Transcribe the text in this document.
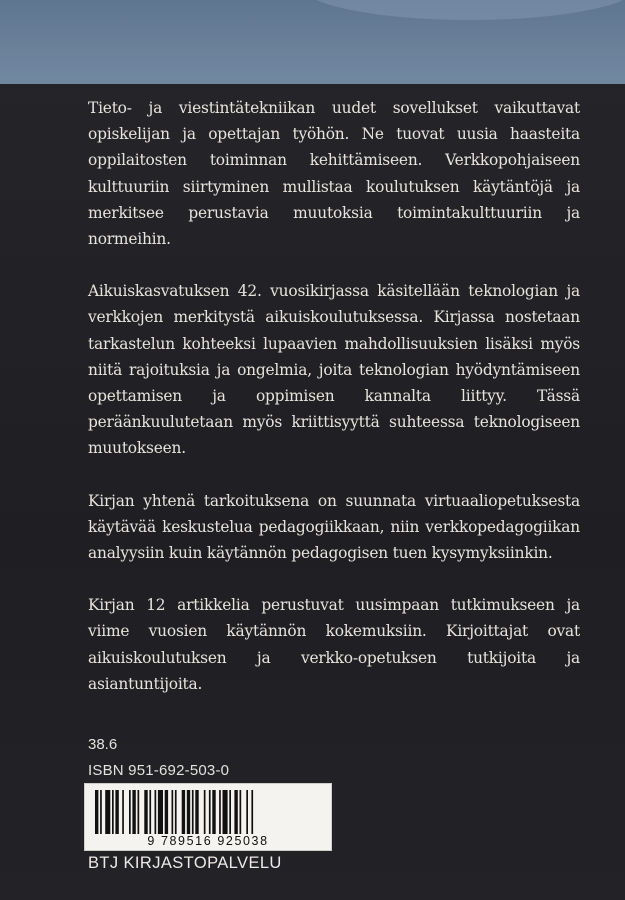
Tieto- ja viestintätekniikan uudet sovellukset vaikuttavat opiskelijan ja opettajan työhön. Ne tuovat uusia haasteita oppilaitosten toiminnan kehittämiseen. Verkkopohjaiseen kulttuuriin siirtyminen mullistaa koulutuksen käytäntöjä ja merkitsee perustavia muutoksia toimintakulttuuriin ja normeihin.

Aikuiskasvatuksen 42. vuosikirjassa käsitellään teknologian ja verkkojen merkitystä aikuiskoulutuksessa. Kirjassa nostetaan tarkastelun kohteeksi lupaavien mahdollisuuksien lisäksi myös niitä rajoituksia ja ongelmia, joita teknologian hyödyntämiseen opettamisen ja oppimisen kannalta liittyy. Tässä peräänkuulutetaan myös kriittisyyttä suhteessa teknologiseen muutokseen.

Kirjan yhtenä tarkoituksena on suunnata virtuaaliopetuksesta käytävää keskustelua pedagogiikkaan, niin verkkopedagogiikan analyysiin kuin käytännön pedagogisen tuen kysymyksiinkin.

Kirjan 12 artikkelia perustuvat uusimpaan tutkimukseen ja viime vuosien käytännön kokemuksiin. Kirjoittajat ovat aikuiskoulutuksen ja verkko-opetuksen tutkijoita ja asiantuntijoita.

38.6
ISBN 951-692-503-0
9 789516 925038
BTJ KIRJASTOPALVELU
